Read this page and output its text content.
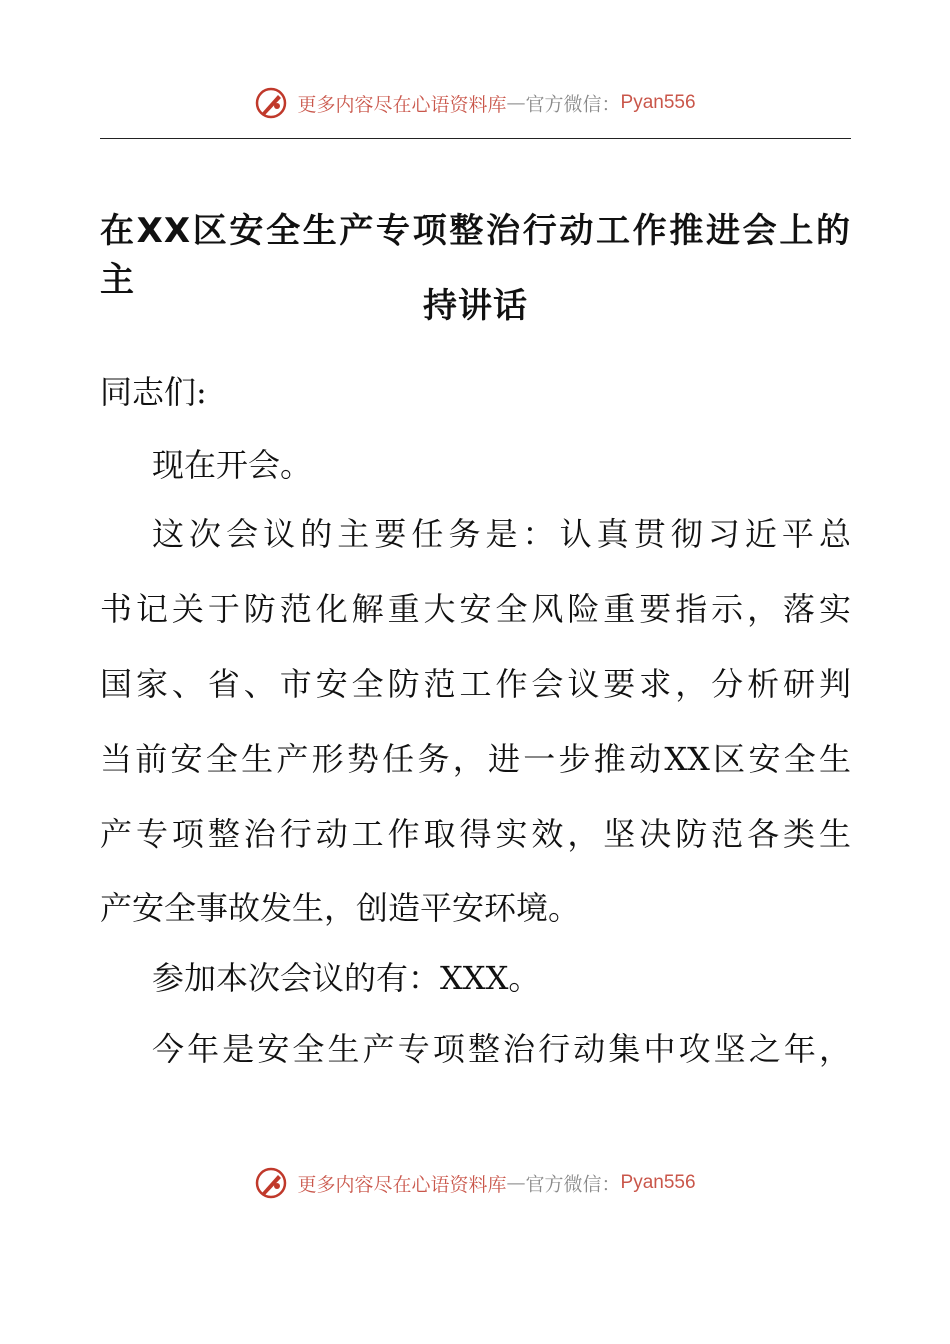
更多内容尽在心语资料库—官方微信：Pyan556
在XX区安全生产专项整治行动工作推进会上的主
持讲话
同志们:
现在开会。
这次会议的主要任务是：认真贯彻习近平总
书记关于防范化解重大安全风险重要指示，落实
国家、省、市安全防范工作会议要求，分析研判
当前安全生产形势任务，进一步推动XX区安全生
产专项整治行动工作取得实效，坚决防范各类生
产安全事故发生，创造平安环境。
参加本次会议的有：XXX。
今年是安全生产专项整治行动集中攻坚之年，
更多内容尽在心语资料库—官方微信：Pyan556
